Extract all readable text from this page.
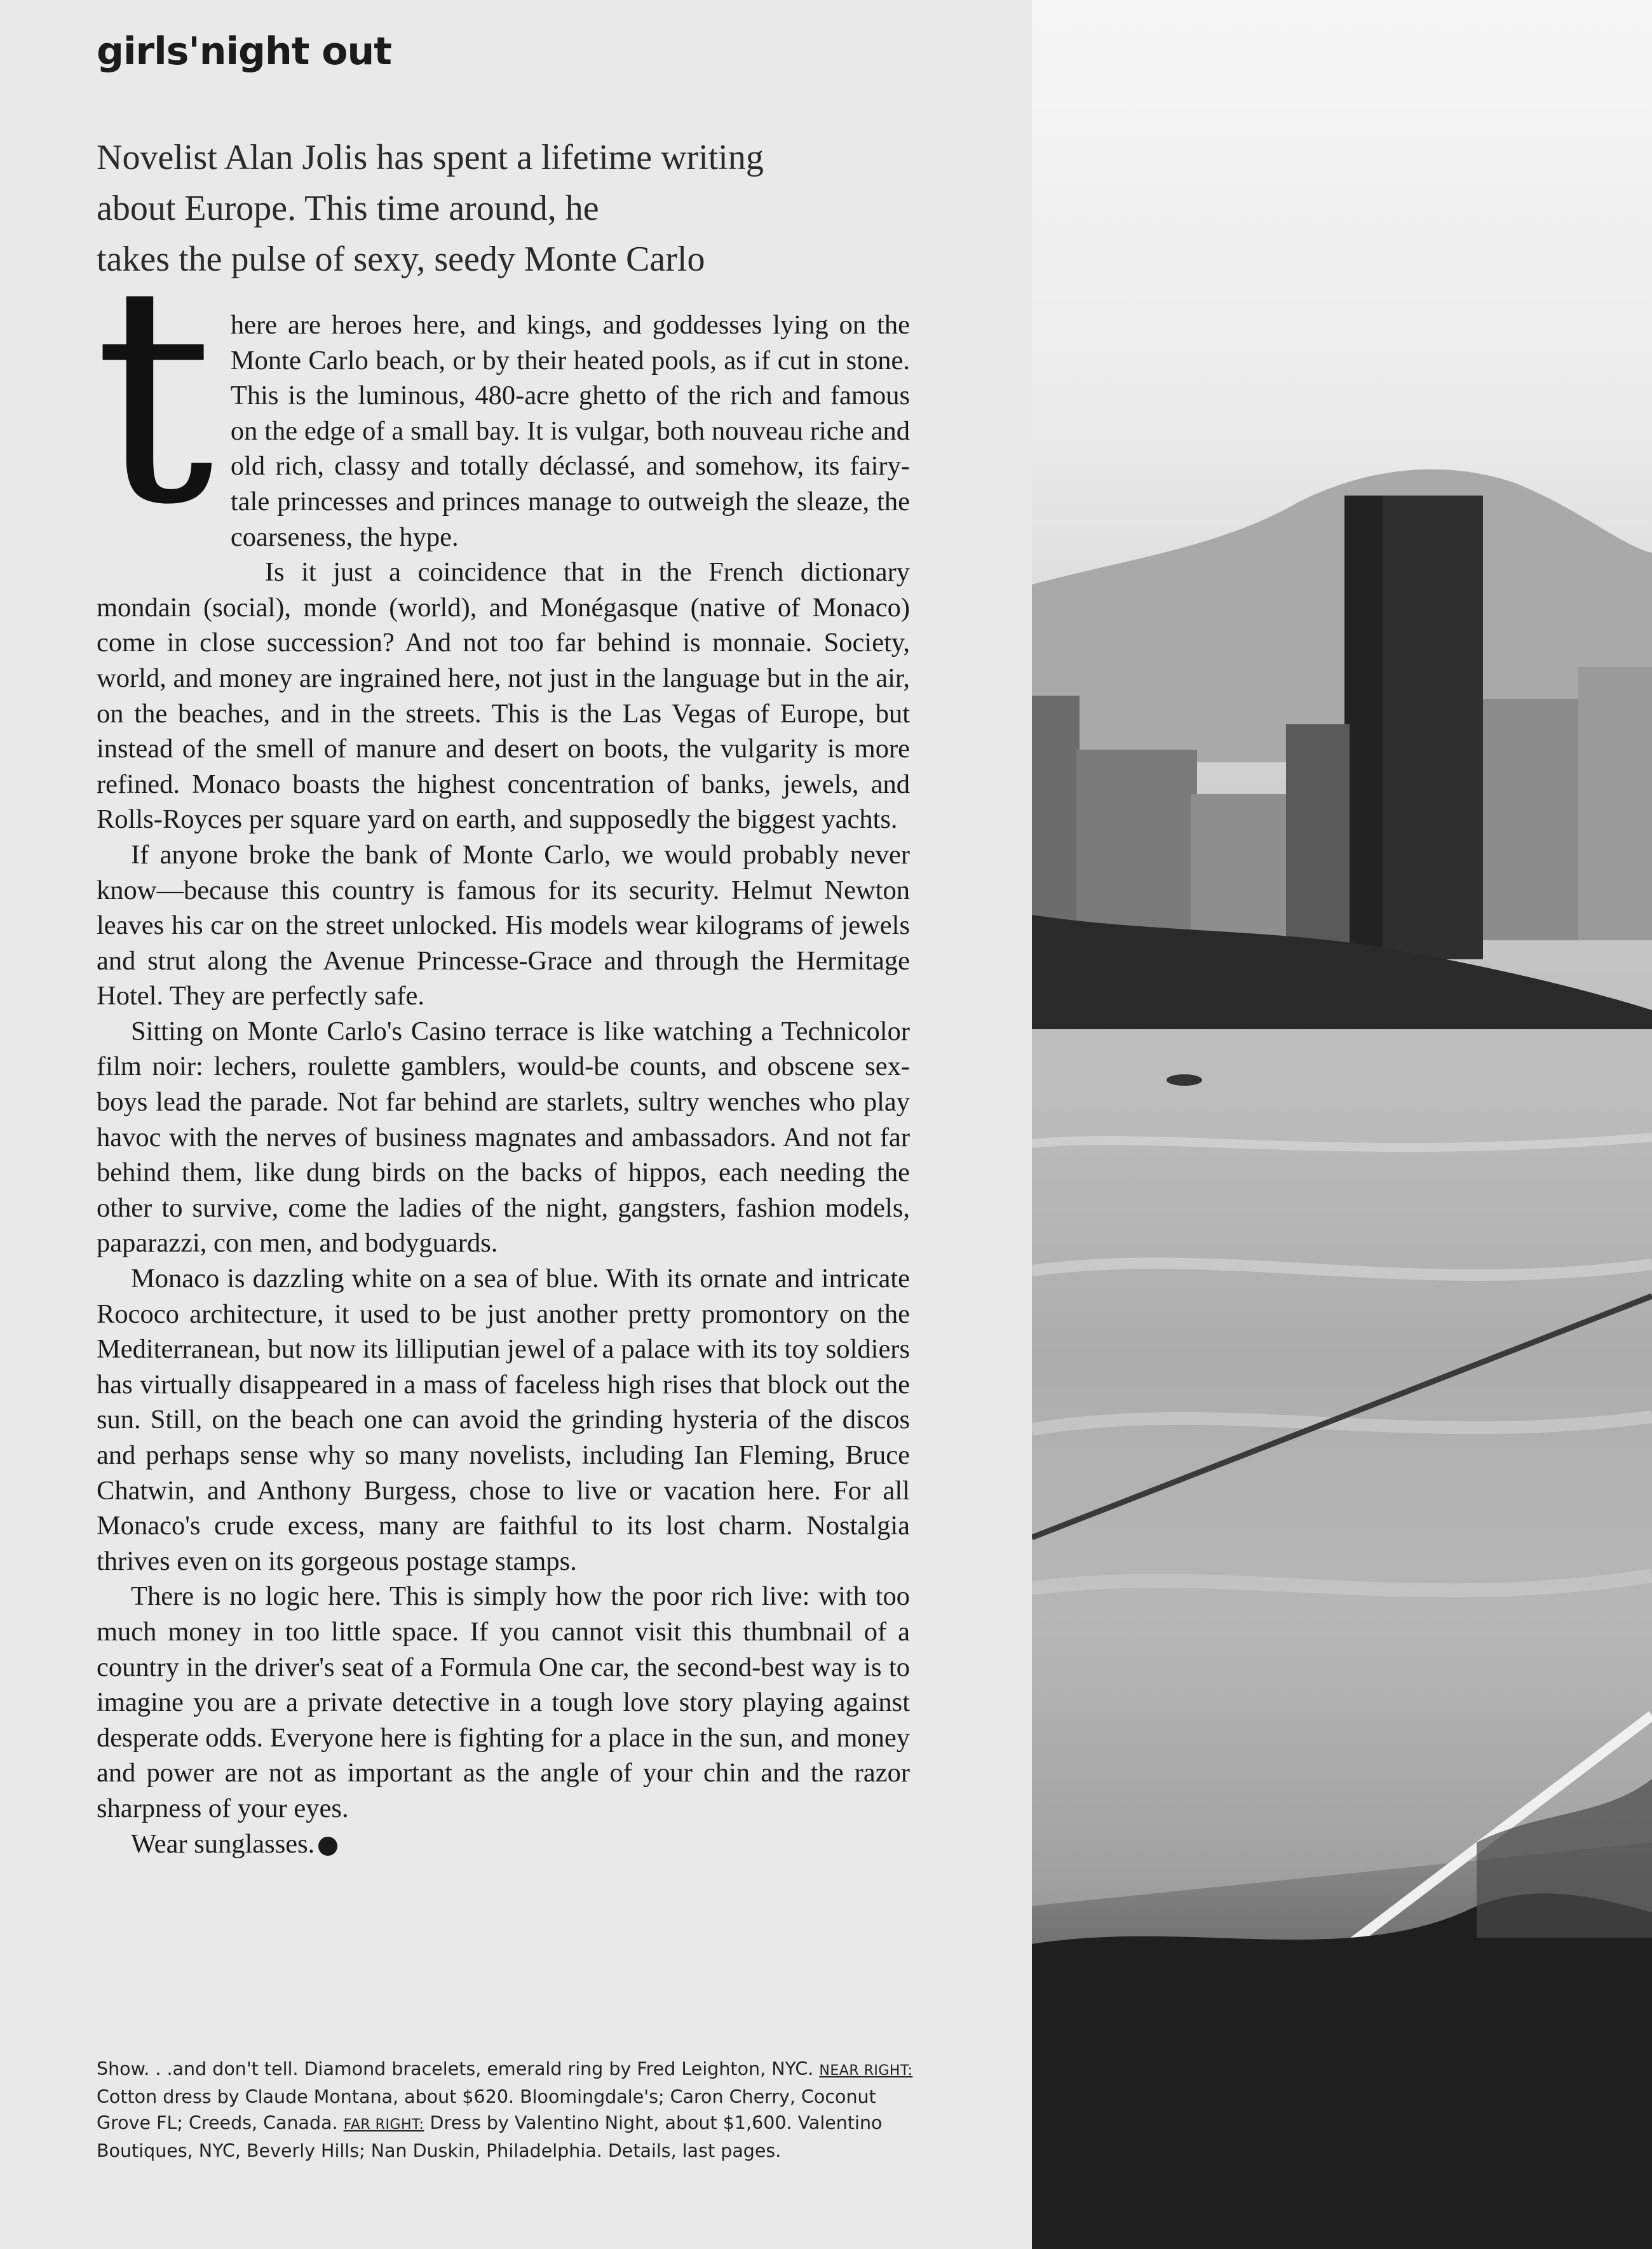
girls'night out
Novelist Alan Jolis has spent a lifetime writing
about Europe. This time around, he
takes the pulse of sexy, seedy Monte Carlo

there are heroes here, and kings, and goddesses lying on the Monte Carlo beach, or by their heated pools, as if cut in stone. This is the luminous, 480-acre ghetto of the rich and famous on the edge of a small bay. It is vulgar, both nouveau riche and old rich, classy and totally déclassé, and somehow, its fairy-tale princesses and princes manage to outweigh the sleaze, the coarseness, the hype.

Is it just a coincidence that in the French dictionary mondain (social), monde (world), and Monégasque (native of Monaco) come in close succession? And not too far behind is monnaie. Society, world, and money are ingrained here, not just in the language but in the air, on the beaches, and in the streets. This is the Las Vegas of Europe, but instead of the smell of manure and desert on boots, the vulgarity is more refined. Monaco boasts the highest concentration of banks, jewels, and Rolls-Royces per square yard on earth, and supposedly the biggest yachts.

If anyone broke the bank of Monte Carlo, we would probably never know—because this country is famous for its security. Helmut Newton leaves his car on the street unlocked. His models wear kilograms of jewels and strut along the Avenue Princesse-Grace and through the Hermitage Hotel. They are perfectly safe.

Sitting on Monte Carlo's Casino terrace is like watching a Technicolor film noir: lechers, roulette gamblers, would-be counts, and obscene sex-boys lead the parade. Not far behind are starlets, sultry wenches who play havoc with the nerves of business magnates and ambassadors. And not far behind them, like dung birds on the backs of hippos, each needing the other to survive, come the ladies of the night, gangsters, fashion models, paparazzi, con men, and bodyguards.

Monaco is dazzling white on a sea of blue. With its ornate and intricate Rococo architecture, it used to be just another pretty promontory on the Mediterranean, but now its lilliputian jewel of a palace with its toy soldiers has virtually disappeared in a mass of faceless high rises that block out the sun. Still, on the beach one can avoid the grinding hysteria of the discos and perhaps sense why so many novelists, including Ian Fleming, Bruce Chatwin, and Anthony Burgess, chose to live or vacation here. For all Monaco's crude excess, many are faithful to its lost charm. Nostalgia thrives even on its gorgeous postage stamps.

There is no logic here. This is simply how the poor rich live: with too much money in too little space. If you cannot visit this thumbnail of a country in the driver's seat of a Formula One car, the second-best way is to imagine you are a private detective in a tough love story playing against desperate odds. Everyone here is fighting for a place in the sun, and money and power are not as important as the angle of your chin and the razor sharpness of your eyes.

Wear sunglasses.	V

Show. . .and don't tell. Diamond bracelets, emerald ring by Fred Leighton, NYC. NEAR RIGHT: Cotton dress by Claude Montana, about $620. Bloomingdale's; Caron Cherry, Coconut Grove FL; Creeds, Canada. FAR RIGHT: Dress by Valentino Night, about $1,600. Valentino Boutiques, NYC, Beverly Hills; Nan Duskin, Philadelphia. Details, last pages.
